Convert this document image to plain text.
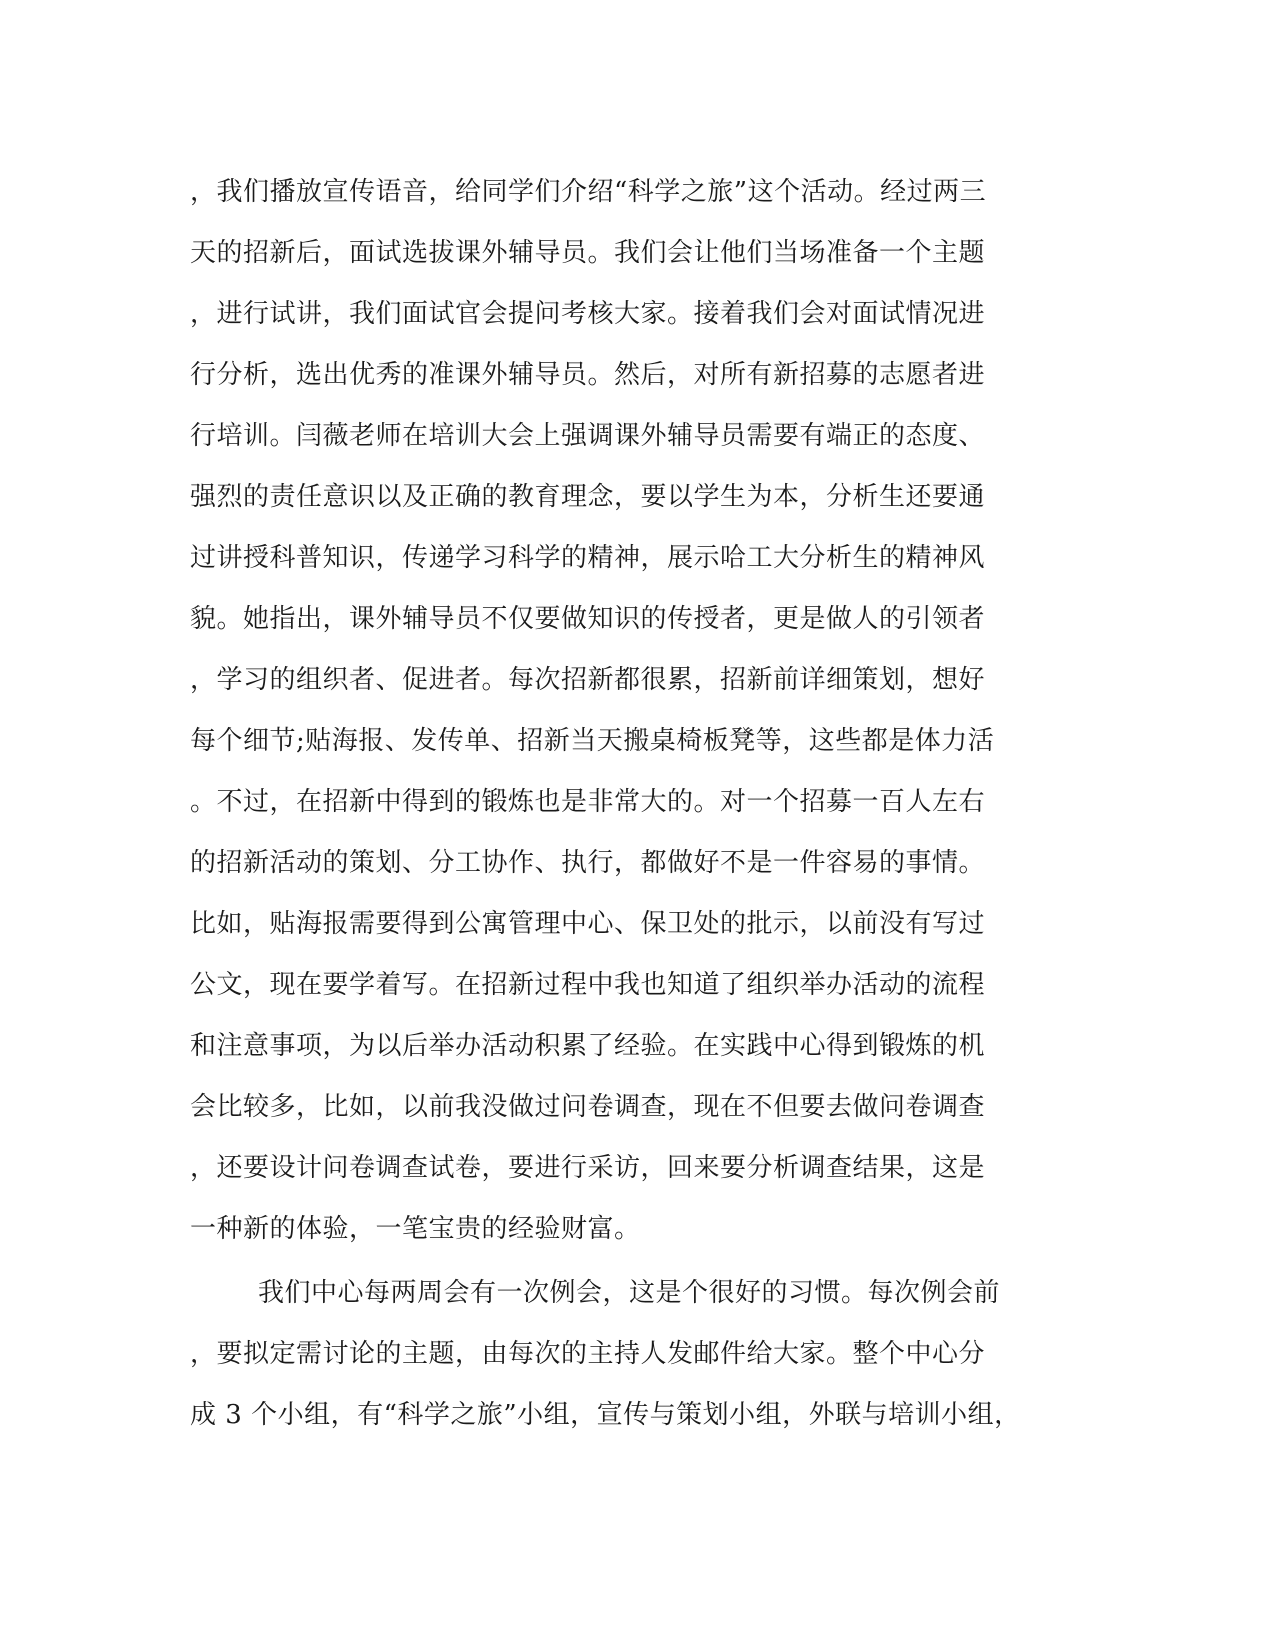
，我们播放宣传语音，给同学们介绍“科学之旅”这个活动。经过两三
天的招新后，面试选拔课外辅导员。我们会让他们当场准备一个主题
，进行试讲，我们面试官会提问考核大家。接着我们会对面试情况进
行分析，选出优秀的准课外辅导员。然后，对所有新招募的志愿者进
行培训。闫薇老师在培训大会上强调课外辅导员需要有端正的态度、
强烈的责任意识以及正确的教育理念，要以学生为本，分析生还要通
过讲授科普知识，传递学习科学的精神，展示哈工大分析生的精神风
貌。她指出，课外辅导员不仅要做知识的传授者，更是做人的引领者
，学习的组织者、促进者。每次招新都很累，招新前详细策划，想好
每个细节;贴海报、发传单、招新当天搬桌椅板凳等，这些都是体力活
。不过，在招新中得到的锻炼也是非常大的。对一个招募一百人左右
的招新活动的策划、分工协作、执行，都做好不是一件容易的事情。
比如，贴海报需要得到公寓管理中心、保卫处的批示，以前没有写过
公文，现在要学着写。在招新过程中我也知道了组织举办活动的流程
和注意事项，为以后举办活动积累了经验。在实践中心得到锻炼的机
会比较多，比如，以前我没做过问卷调查，现在不但要去做问卷调查
，还要设计问卷调查试卷，要进行采访，回来要分析调查结果，这是
一种新的体验，一笔宝贵的经验财富。
我们中心每两周会有一次例会，这是个很好的习惯。每次例会前
，要拟定需讨论的主题，由每次的主持人发邮件给大家。整个中心分
成 3 个小组，有“科学之旅”小组，宣传与策划小组，外联与培训小组，
